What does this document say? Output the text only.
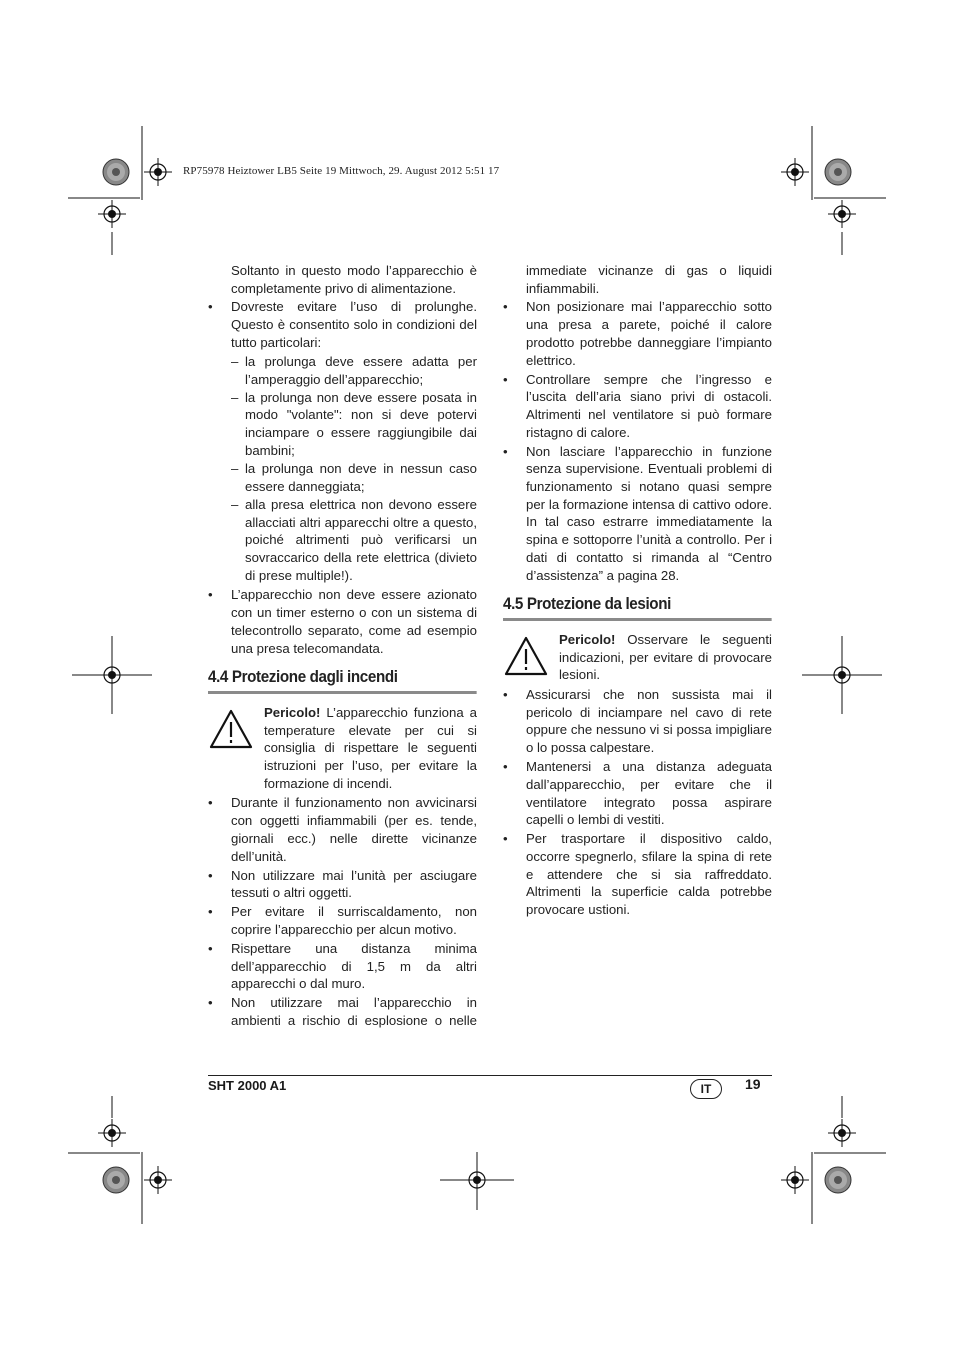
RP75978 Heiztower LB5 Seite 19 Mittwoch, 29. August 2012 5:51 17
Soltanto in questo modo l’apparecchio è completamente privo di alimentazione.
•	Dovreste evitare l’uso di prolunghe. Questo è consentito solo in condizioni del tutto particolari:
– la prolunga deve essere adatta per l’amperaggio dell’apparecchio;
– la prolunga non deve essere posata in modo "volante": non si deve potervi inciampare o essere raggiungibile dai bambini;
– la prolunga non deve in nessun caso essere danneggiata;
– alla presa elettrica non devono essere allacciati altri apparecchi oltre a questo, poiché altrimenti può verificarsi un sovraccarico della rete elettrica (divieto di prese multiple!).
•	L’apparecchio non deve essere azionato con un timer esterno o con un sistema di telecontrollo separato, come ad esempio una presa telecomandata.
4.4 Protezione dagli incendi
Pericolo! L’apparecchio funziona a temperature elevate per cui si consiglia di rispettare le seguenti istruzioni per l’uso, per evitare la formazione di incendi.
•	Durante il funzionamento non avvicinarsi con oggetti infiammabili (per es. tende, giornali ecc.) nelle dirette vicinanze dell’unità.
•	Non utilizzare mai l’unità per asciugare tessuti o altri oggetti.
•	Per evitare il surriscaldamento, non coprire l’apparecchio per alcun motivo.
•	Rispettare una distanza minima dell’apparecchio di 1,5 m da altri apparecchi o dal muro.
•	Non utilizzare mai l’apparecchio in ambienti a rischio di esplosione o nelle
immediate vicinanze di gas o liquidi infiammabili.
•	Non posizionare mai l’apparecchio sotto una presa a parete, poiché il calore prodotto potrebbe danneggiare l’impianto elettrico.
•	Controllare sempre che l’ingresso e l’uscita dell’aria siano privi di ostacoli. Altrimenti nel ventilatore si può formare ristagno di calore.
•	Non lasciare l’apparecchio in funzione senza supervisione. Eventuali problemi di funzionamento si notano quasi sempre per la formazione intensa di cattivo odore. In tal caso estrarre immediatamente la spina e sottoporre l’unità a controllo. Per i dati di contatto si rimanda al “Centro d’assistenza” a pagina 28.
4.5 Protezione da lesioni
Pericolo! Osservare le seguenti indicazioni, per evitare di provocare lesioni.
•	Assicurarsi che non sussista mai il pericolo di inciampare nel cavo di rete oppure che nessuno vi si possa impigliare o lo possa calpestare.
•	Mantenersi a una distanza adeguata dall’apparecchio, per evitare che il ventilatore integrato possa aspirare capelli o lembi di vestiti.
•	Per trasportare il dispositivo caldo, occorre spegnerlo, sfilare la spina di rete e attendere che si sia raffreddato. Altrimenti la superficie calda potrebbe provocare ustioni.
SHT 2000 A1	IT	19
